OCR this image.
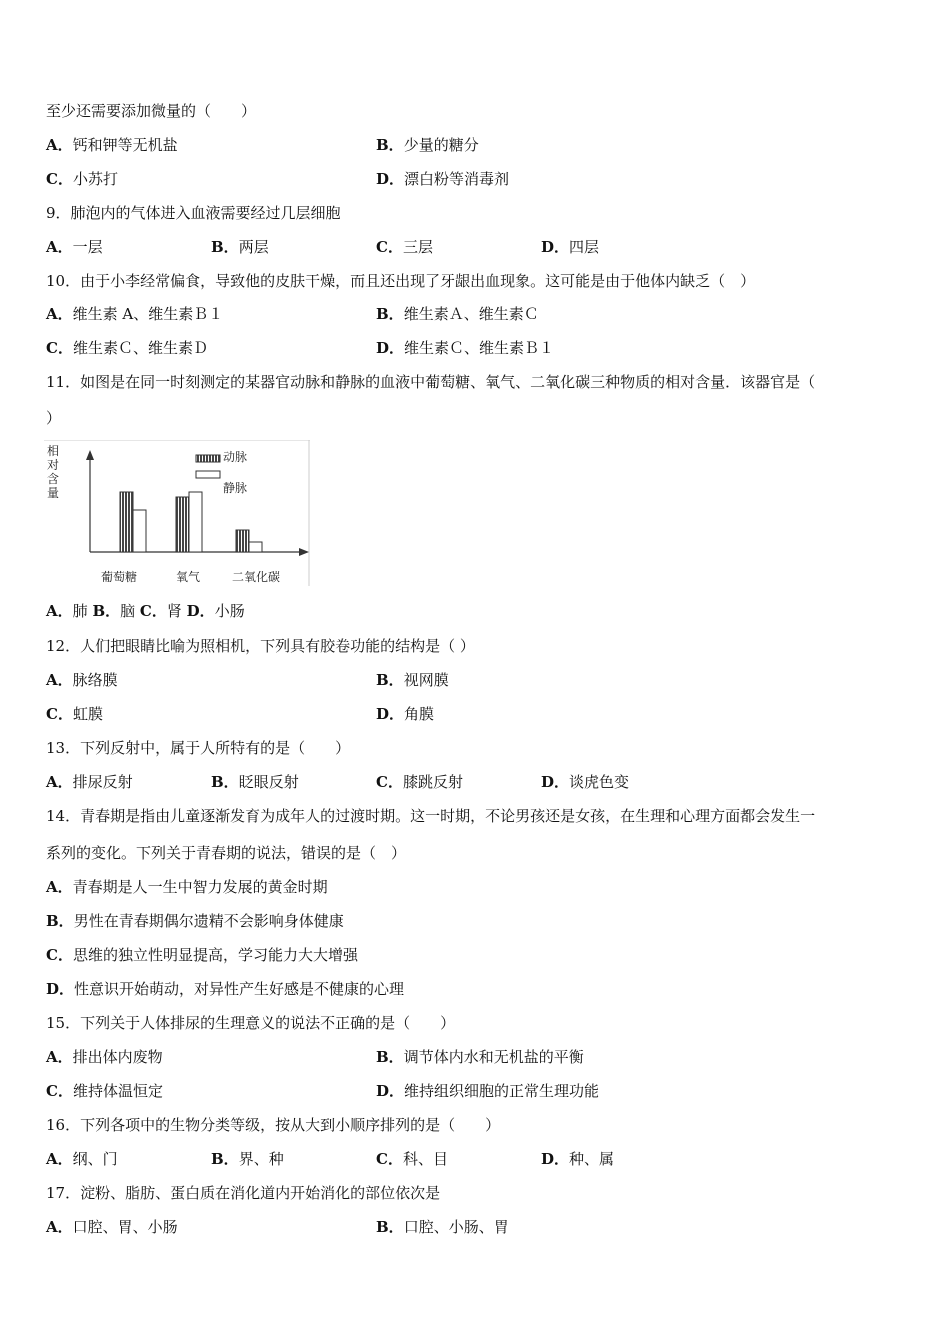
至少还需要添加微量的（　　）
A．钙和钾等无机盐	B．少量的糖分
C．小苏打	D．漂白粉等消毒剂
9．肺泡内的气体进入血液需要经过几层细胞
A．一层	B．两层	C．三层	D．四层
10．由于小李经常偏食，导致他的皮肤干燥，而且还出现了牙龈出血现象。这可能是由于他体内缺乏（　）
A．维生素 A、维生素Ｂ１	B．维生素Ａ、维生素Ｃ
C．维生素Ｃ、维生素Ｄ	D．维生素Ｃ、维生素Ｂ１
11．如图是在同一时刻测定的某器官动脉和静脉的血液中葡萄糖、氧气、二氧化碳三种物质的相对含量．该器官是（
）
相
对
含
量
动脉
静脉
葡萄糖	氧气	二氧化碳
A．肺 B．脑 C．肾 D．小肠
12．人们把眼睛比喻为照相机，下列具有胶卷功能的结构是（ ）
A．脉络膜	B．视网膜
C．虹膜	D．角膜
13．下列反射中，属于人所特有的是（　　）
A．排尿反射	B．眨眼反射	C．膝跳反射	D．谈虎色变
14．青春期是指由儿童逐渐发育为成年人的过渡时期。这一时期，不论男孩还是女孩，在生理和心理方面都会发生一
系列的变化。下列关于青春期的说法，错误的是（　）
A．青春期是人一生中智力发展的黄金时期
B．男性在青春期偶尔遗精不会影响身体健康
C．思维的独立性明显提高，学习能力大大增强
D．性意识开始萌动，对异性产生好感是不健康的心理
15．下列关于人体排尿的生理意义的说法不正确的是（　　）
A．排出体内废物	B．调节体内水和无机盐的平衡
C．维持体温恒定	D．维持组织细胞的正常生理功能
16．下列各项中的生物分类等级，按从大到小顺序排列的是（　　）
A．纲、门	B．界、种	C．科、目	D．种、属
17．淀粉、脂肪、蛋白质在消化道内开始消化的部位依次是
A．口腔、胃、小肠	B．口腔、小肠、胃
